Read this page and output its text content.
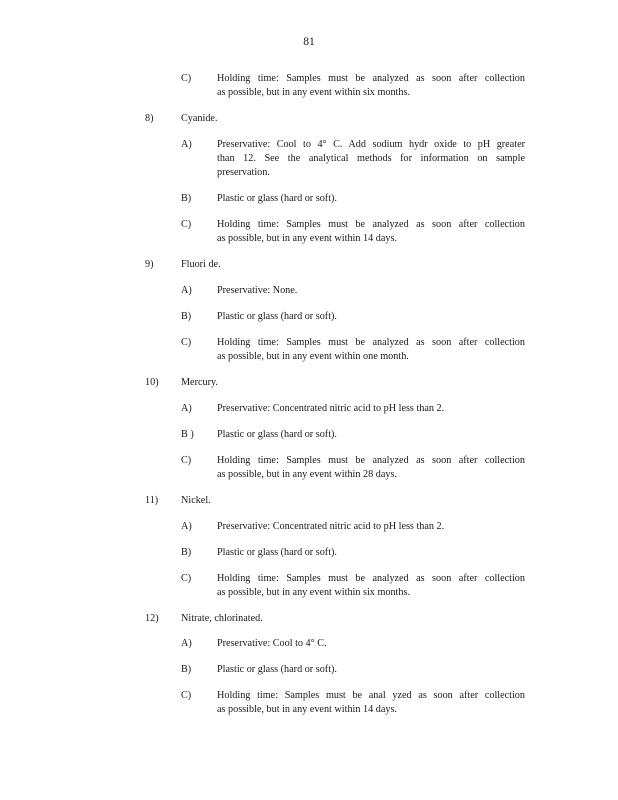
81
C)	Holding time: Samples must be analyzed as soon after collection
as possible, but in any event within six months.
8)	Cyanide.
A) Preservative: Cool to 4° C. Add sodium hydr oxide to pH greater
than 12. See the analytical methods for information on sample
preservation.
B)	Plastic or glass (hard or soft).
C)	Holding time: Samples must be analyzed as soon after collection
as possible, but in any event within 14 days.
9)	Fluori de.
A) Preservative: None.
B)	Plastic or glass (hard or soft).
C)	Holding time: Samples must be analyzed as soon after collection
as possible, but in any event within one month.
10) Mercury.
A) Preservative: Concentrated nitric acid to pH less than 2.
B ) Plastic or glass (hard or soft).
C)	Holding time: Samples must be analyzed as soon after collection
as possible, but in any event within 28 days.
11) Nickel.
A) Preservative: Concentrated nitric acid to pH less than 2.
B)	Plastic or glass (hard or soft).
C)	Holding time: Samples must be analyzed as soon after collection
as possible, but in any event within six months.
12) Nitrate, chlorinated.
A) Preservative: Cool to 4° C.
B)	Plastic or glass (hard or soft).
C)	Holding time: Samples must be anal yzed as soon after collection
as possible, but in any event within 14 days.
